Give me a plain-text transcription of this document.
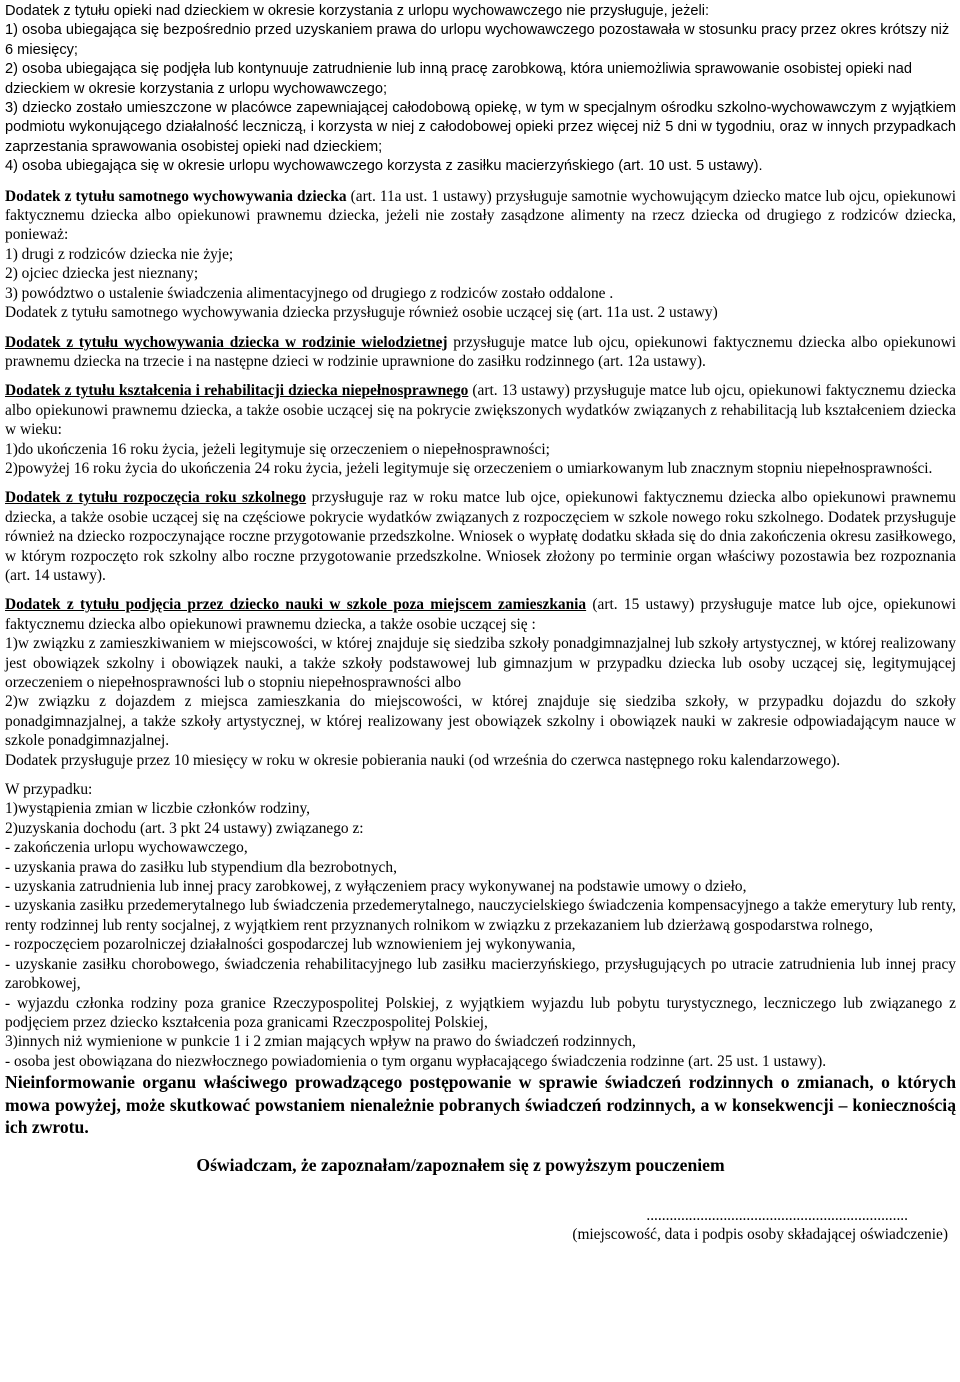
Dodatek z tytułu opieki nad dzieckiem w okresie korzystania z urlopu wychowawczego nie przysługuje, jeżeli:

1) osoba ubiegająca się bezpośrednio przed uzyskaniem prawa do urlopu wychowawczego pozostawała w stosunku pracy przez okres krótszy niż 6 miesięcy;

2) osoba ubiegająca się podjęła lub kontynuuje zatrudnienie lub inną pracę zarobkową, która uniemożliwia sprawowanie osobistej opieki nad dzieckiem w okresie korzystania z urlopu wychowawczego;

3) dziecko zostało umieszczone w placówce zapewniającej całodobową opiekę, w tym w specjalnym ośrodku szkolno-wychowawczym z wyjątkiem podmiotu wykonującego działalność leczniczą, i korzysta w niej z całodobowej opieki przez więcej niż 5 dni w tygodniu, oraz w innych przypadkach zaprzestania sprawowania osobistej opieki nad dzieckiem;

4) osoba ubiegająca się w okresie urlopu wychowawczego korzysta z zasiłku macierzyńskiego (art. 10 ust. 5 ustawy).

Dodatek z tytułu samotnego wychowywania dziecka (art. 11a ust. 1 ustawy) przysługuje samotnie wychowującym dziecko matce lub ojcu, opiekunowi faktycznemu dziecka albo opiekunowi prawnemu dziecka, jeżeli nie zostały zasądzone alimenty na rzecz dziecka od drugiego z rodziców dziecka, ponieważ:

1) drugi z rodziców dziecka nie żyje;

2) ojciec dziecka jest nieznany;

3) powództwo o ustalenie świadczenia alimentacyjnego od drugiego z rodziców zostało oddalone .

Dodatek z tytułu samotnego wychowywania dziecka przysługuje również osobie uczącej się (art. 11a ust. 2 ustawy)

Dodatek z tytułu wychowywania dziecka w rodzinie wielodzietnej przysługuje matce lub ojcu, opiekunowi faktycznemu dziecka albo opiekunowi prawnemu dziecka na trzecie i na następne dzieci w rodzinie uprawnione do zasiłku rodzinnego (art. 12a ustawy).

Dodatek z tytułu kształcenia i rehabilitacji dziecka niepełnosprawnego (art. 13 ustawy) przysługuje matce lub ojcu, opiekunowi faktycznemu dziecka albo opiekunowi prawnemu dziecka, a także osobie uczącej się na pokrycie zwiększonych wydatków związanych z rehabilitacją lub kształceniem dziecka w wieku:

1)do ukończenia 16 roku życia, jeżeli legitymuje się orzeczeniem o niepełnosprawności;

2)powyżej 16 roku życia do ukończenia 24 roku życia, jeżeli legitymuje się orzeczeniem o umiarkowanym lub znacznym stopniu niepełnosprawności.

Dodatek z tytułu rozpoczęcia roku szkolnego przysługuje raz w roku matce lub ojce, opiekunowi faktycznemu dziecka albo opiekunowi prawnemu dziecka, a także osobie uczącej się na częściowe pokrycie wydatków związanych z rozpoczęciem w szkole nowego roku szkolnego. Dodatek przysługuje również na dziecko rozpoczynające roczne przygotowanie przedszkolne. Wniosek o wypłatę dodatku składa się do dnia zakończenia okresu zasiłkowego, w którym rozpoczęto rok szkolny albo roczne przygotowanie przedszkolne. Wniosek złożony po terminie organ właściwy pozostawia bez rozpoznania (art. 14 ustawy).

Dodatek z tytułu podjęcia przez dziecko nauki w szkole poza miejscem zamieszkania (art. 15 ustawy) przysługuje matce lub ojce, opiekunowi faktycznemu dziecka albo opiekunowi prawnemu dziecka, a także osobie uczącej się :

1)w związku z zamieszkiwaniem w miejscowości, w której znajduje się siedziba szkoły ponadgimnazjalnej lub szkoły artystycznej, w której realizowany jest obowiązek szkolny i obowiązek nauki, a także szkoły podstawowej lub gimnazjum w przypadku dziecka lub osoby uczącej się, legitymującej orzeczeniem o niepełnosprawności lub o stopniu niepełnosprawności albo

2)w związku z dojazdem z miejsca zamieszkania do miejscowości, w której znajduje się siedziba szkoły, w przypadku dojazdu do szkoły ponadgimnazjalnej, a także szkoły artystycznej, w której realizowany jest obowiązek szkolny i obowiązek nauki w zakresie odpowiadającym nauce w szkole ponadgimnazjalnej.

Dodatek przysługuje przez 10 miesięcy w roku w okresie pobierania nauki (od września do czerwca następnego roku kalendarzowego).

W przypadku:

1)wystąpienia zmian w liczbie członków rodziny,

2)uzyskania dochodu (art. 3 pkt 24 ustawy) związanego z:

- zakończenia urlopu wychowawczego,

- uzyskania prawa do zasiłku lub stypendium dla bezrobotnych,

- uzyskania zatrudnienia lub innej pracy zarobkowej, z wyłączeniem pracy wykonywanej na podstawie umowy o dzieło,

- uzyskania zasiłku przedemerytalnego lub świadczenia przedemerytalnego, nauczycielskiego świadczenia kompensacyjnego a także emerytury lub renty, renty rodzinnej lub renty socjalnej, z wyjątkiem rent przyznanych rolnikom w związku z przekazaniem lub dzierżawą gospodarstwa rolnego,

- rozpoczęciem pozarolniczej działalności gospodarczej lub wznowieniem jej wykonywania,

- uzyskanie zasiłku chorobowego, świadczenia rehabilitacyjnego lub zasiłku macierzyńskiego, przysługujących po utracie zatrudnienia lub innej pracy zarobkowej,

- wyjazdu członka rodziny poza granice Rzeczypospolitej Polskiej, z wyjątkiem wyjazdu lub pobytu turystycznego, leczniczego lub związanego z podjęciem przez dziecko kształcenia poza granicami Rzeczpospolitej Polskiej,

3)innych niż wymienione w punkcie 1 i 2 zmian mających wpływ na prawo do świadczeń rodzinnych,

- osoba jest obowiązana do niezwłocznego powiadomienia o tym organu wypłacającego świadczenia rodzinne (art. 25 ust. 1 ustawy).

Nieinformowanie organu właściwego prowadzącego postępowanie w sprawie świadczeń rodzinnych o zmianach, o których mowa powyżej, może skutkować powstaniem nienależnie pobranych świadczeń rodzinnych, a w konsekwencji – koniecznością ich zwrotu.

Oświadczam, że zapoznałam/zapoznałem się z powyższym pouczeniem

....................................................................
(miejscowość, data i podpis osoby składającej oświadczenie)
